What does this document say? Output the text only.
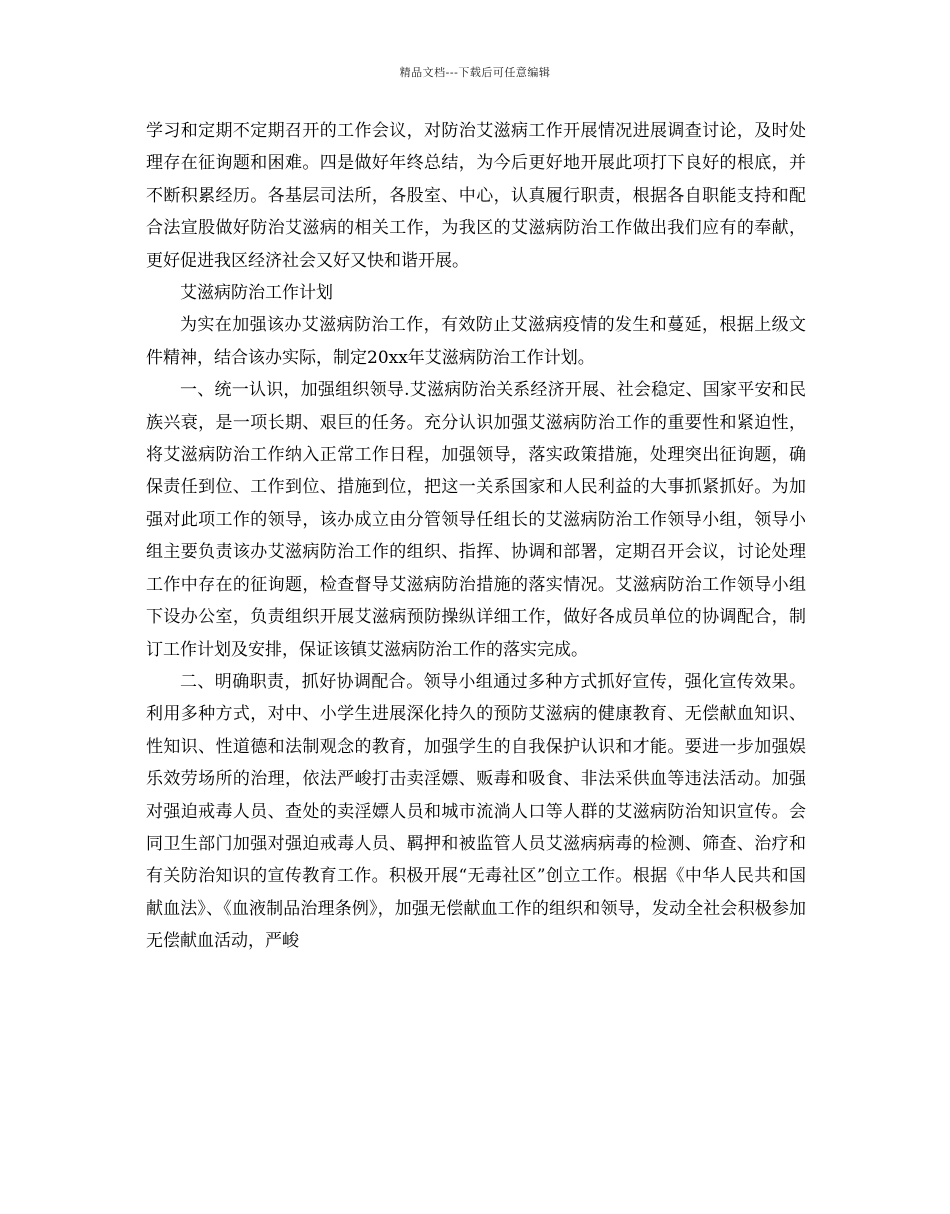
精品文档---下载后可任意编辑

学习和定期不定期召开的工作会议，对防治艾滋病工作开展情况进展调查讨论，及时处理存在征询题和困难。四是做好年终总结，为今后更好地开展此项打下良好的根底，并不断积累经历。各基层司法所，各股室、中心，认真履行职责，根据各自职能支持和配合法宣股做好防治艾滋病的相关工作，为我区的艾滋病防治工作做出我们应有的奉献，更好促进我区经济社会又好又快和谐开展。

艾滋病防治工作计划

为实在加强该办艾滋病防治工作，有效防止艾滋病疫情的发生和蔓延，根据上级文件精神，结合该办实际，制定20xx年艾滋病防治工作计划。

一、统一认识，加强组织领导.艾滋病防治关系经济开展、社会稳定、国家平安和民族兴衰，是一项长期、艰巨的任务。充分认识加强艾滋病防治工作的重要性和紧迫性，将艾滋病防治工作纳入正常工作日程，加强领导，落实政策措施，处理突出征询题，确保责任到位、工作到位、措施到位，把这一关系国家和人民利益的大事抓紧抓好。为加强对此项工作的领导，该办成立由分管领导任组长的艾滋病防治工作领导小组，领导小组主要负责该办艾滋病防治工作的组织、指挥、协调和部署，定期召开会议，讨论处理工作中存在的征询题，检查督导艾滋病防治措施的落实情况。艾滋病防治工作领导小组下设办公室，负责组织开展艾滋病预防操纵详细工作，做好各成员单位的协调配合，制订工作计划及安排，保证该镇艾滋病防治工作的落实完成。

二、明确职责，抓好协调配合。领导小组通过多种方式抓好宣传，强化宣传效果。利用多种方式，对中、小学生进展深化持久的预防艾滋病的健康教育、无偿献血知识、性知识、性道德和法制观念的教育，加强学生的自我保护认识和才能。要进一步加强娱乐效劳场所的治理，依法严峻打击卖淫嫖、贩毒和吸食、非法采供血等违法活动。加强对强迫戒毒人员、查处的卖淫嫖人员和城市流淌人口等人群的艾滋病防治知识宣传。会同卫生部门加强对强迫戒毒人员、羁押和被监管人员艾滋病病毒的检测、筛查、治疗和有关防治知识的宣传教育工作。积极开展“无毒社区”创立工作。根据《中华人民共和国献血法》、《血液制品治理条例》，加强无偿献血工作的组织和领导，发动全社会积极参加无偿献血活动，严峻
